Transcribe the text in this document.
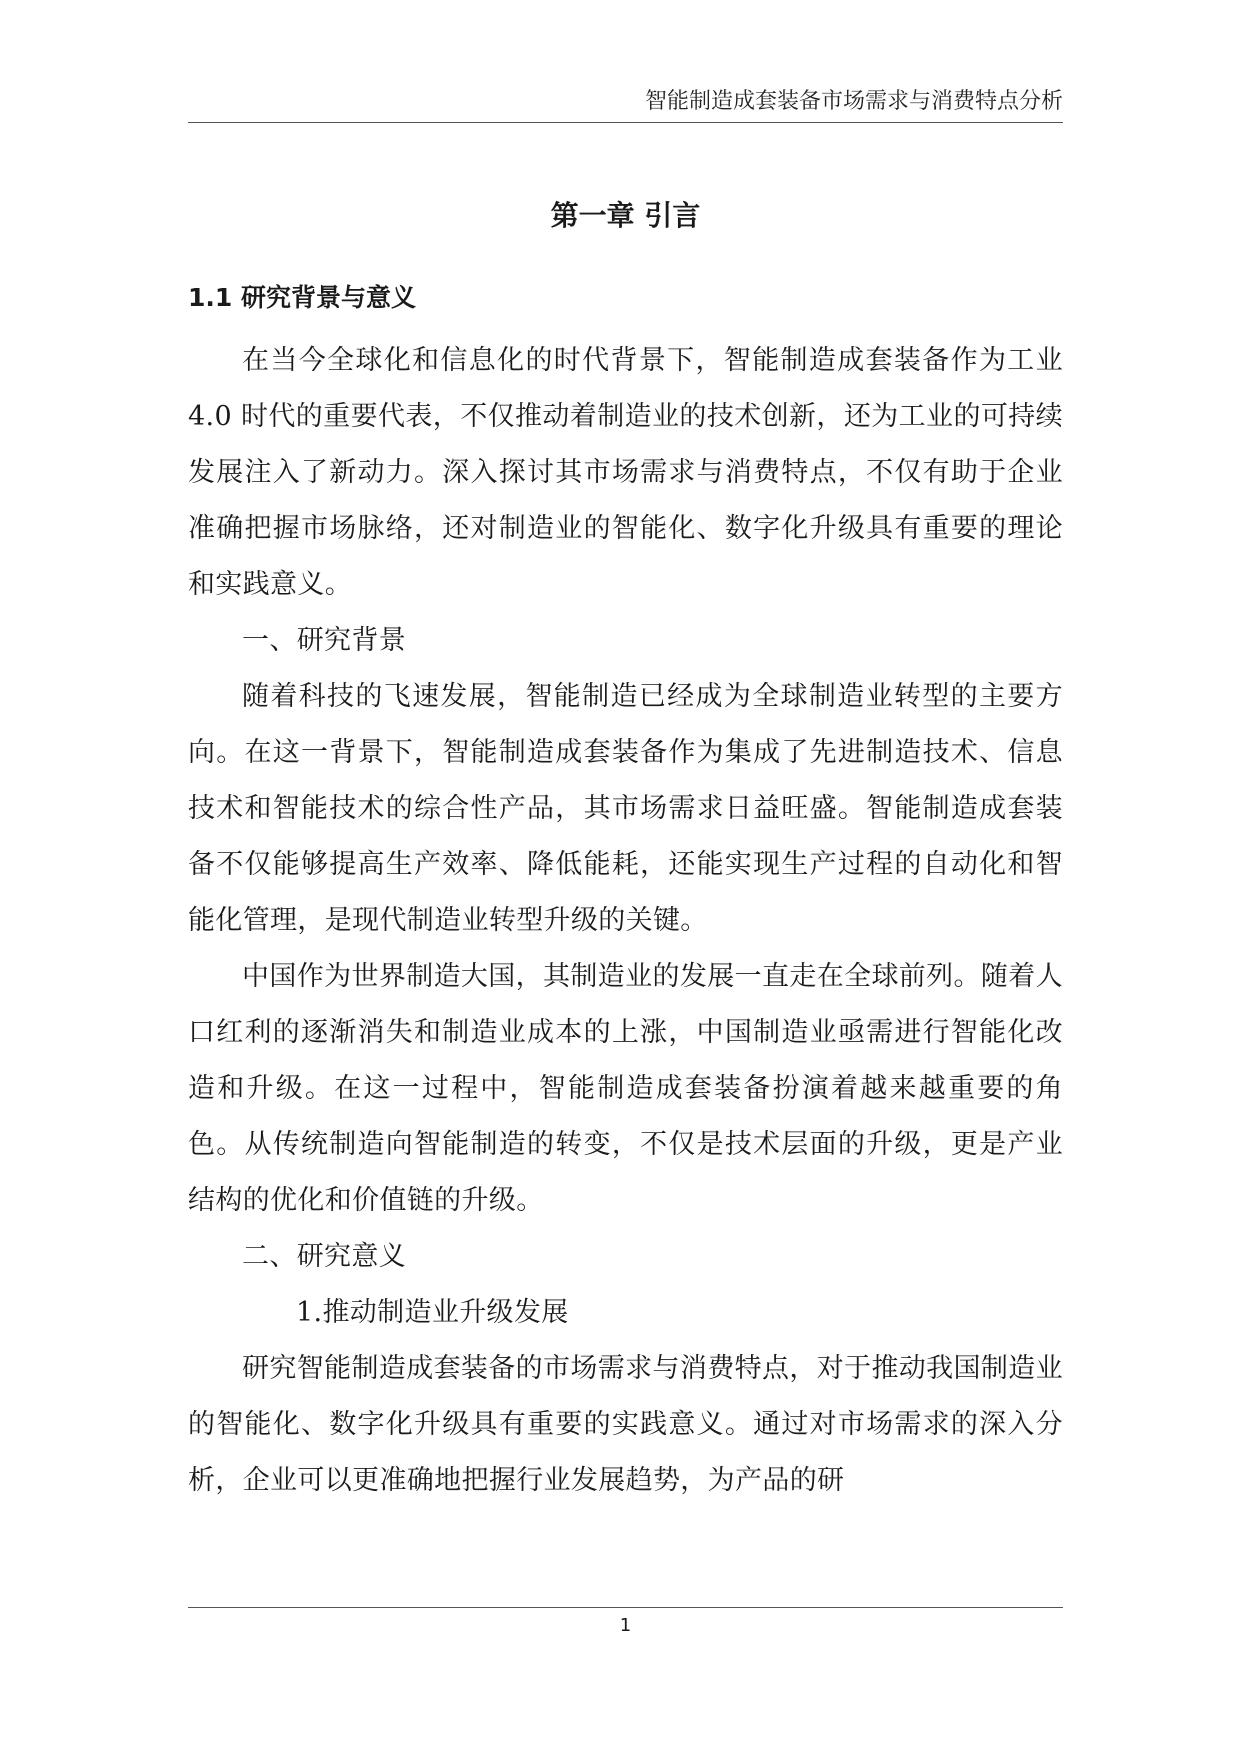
智能制造成套装备市场需求与消费特点分析
第一章 引言
1.1 研究背景与意义

在当今全球化和信息化的时代背景下，智能制造成套装备作为工业 4.0 时代的重要代表，不仅推动着制造业的技术创新，还为工业的可持续发展注入了新动力。深入探讨其市场需求与消费特点，不仅有助于企业准确把握市场脉络，还对制造业的智能化、数字化升级具有重要的理论和实践意义。

一、研究背景

随着科技的飞速发展，智能制造已经成为全球制造业转型的主要方向。在这一背景下，智能制造成套装备作为集成了先进制造技术、信息技术和智能技术的综合性产品，其市场需求日益旺盛。智能制造成套装备不仅能够提高生产效率、降低能耗，还能实现生产过程的自动化和智能化管理，是现代制造业转型升级的关键。

中国作为世界制造大国，其制造业的发展一直走在全球前列。随着人口红利的逐渐消失和制造业成本的上涨，中国制造业亟需进行智能化改造和升级。在这一过程中，智能制造成套装备扮演着越来越重要的角色。从传统制造向智能制造的转变，不仅是技术层面的升级，更是产业结构的优化和价值链的升级。

二、研究意义

1.推动制造业升级发展

研究智能制造成套装备的市场需求与消费特点，对于推动我国制造业的智能化、数字化升级具有重要的实践意义。通过对市场需求的深入分析，企业可以更准确地把握行业发展趋势，为产品的研

1
